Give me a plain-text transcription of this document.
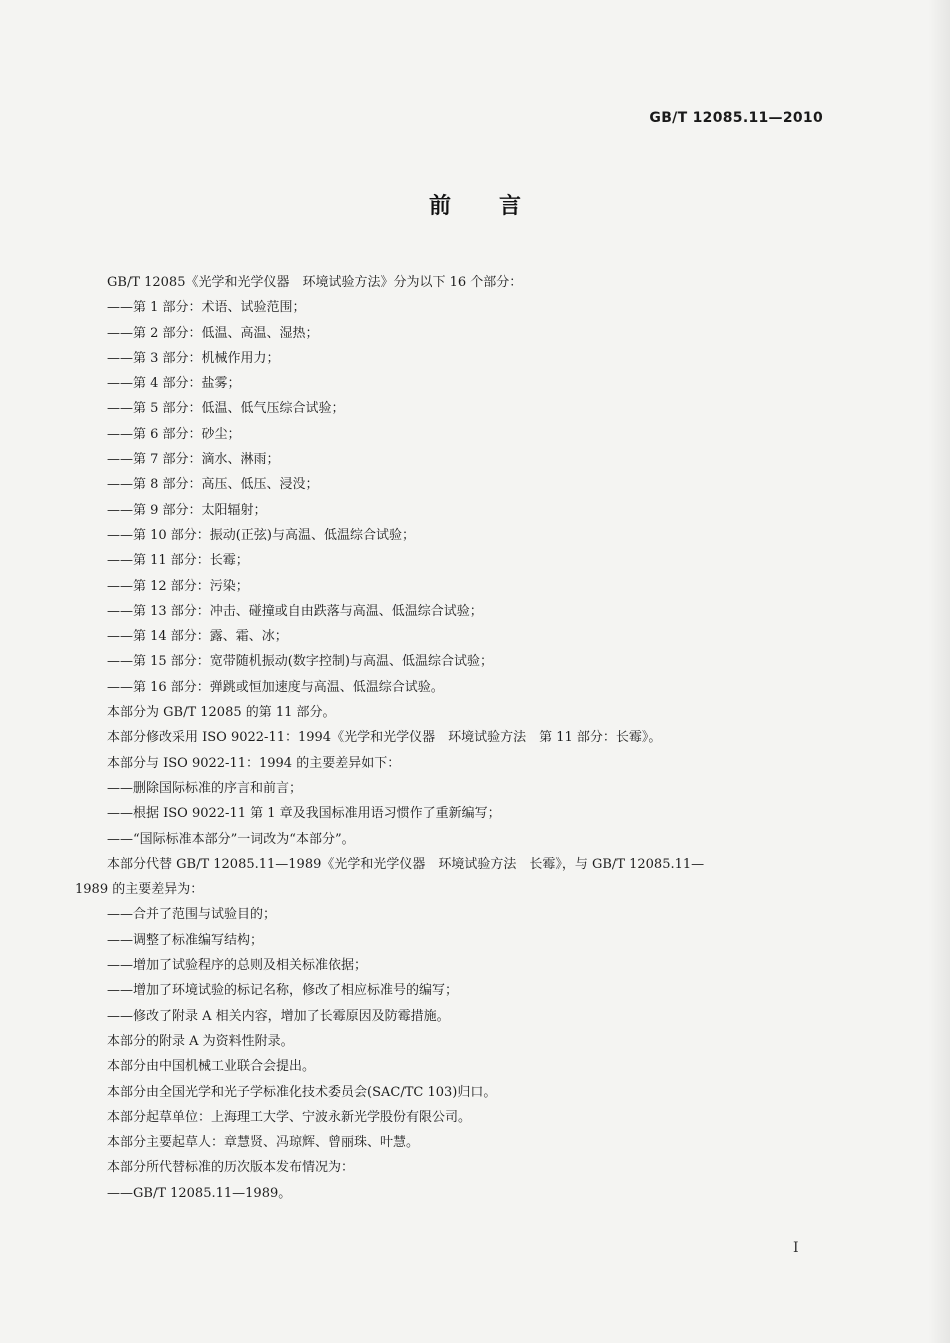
GB/T 12085.11—2010
前言
GB/T 12085《光学和光学仪器　环境试验方法》分为以下 16 个部分：
——第 1 部分：术语、试验范围；
——第 2 部分：低温、高温、湿热；
——第 3 部分：机械作用力；
——第 4 部分：盐雾；
——第 5 部分：低温、低气压综合试验；
——第 6 部分：砂尘；
——第 7 部分：滴水、淋雨；
——第 8 部分：高压、低压、浸没；
——第 9 部分：太阳辐射；
——第 10 部分：振动(正弦)与高温、低温综合试验；
——第 11 部分：长霉；
——第 12 部分：污染；
——第 13 部分：冲击、碰撞或自由跌落与高温、低温综合试验；
——第 14 部分：露、霜、冰；
——第 15 部分：宽带随机振动(数字控制)与高温、低温综合试验；
——第 16 部分：弹跳或恒加速度与高温、低温综合试验。
本部分为 GB/T 12085 的第 11 部分。
本部分修改采用 ISO 9022-11：1994《光学和光学仪器　环境试验方法　第 11 部分：长霉》。
本部分与 ISO 9022-11：1994 的主要差异如下：
——删除国际标准的序言和前言；
——根据 ISO 9022-11 第 1 章及我国标准用语习惯作了重新编写；
——“国际标准本部分”一词改为“本部分”。
本部分代替 GB/T 12085.11—1989《光学和光学仪器　环境试验方法　长霉》，与 GB/T 12085.11—
1989 的主要差异为：
——合并了范围与试验目的；
——调整了标准编写结构；
——增加了试验程序的总则及相关标准依据；
——增加了环境试验的标记名称，修改了相应标准号的编写；
——修改了附录 A 相关内容，增加了长霉原因及防霉措施。
本部分的附录 A 为资料性附录。
本部分由中国机械工业联合会提出。
本部分由全国光学和光子学标准化技术委员会(SAC/TC 103)归口。
本部分起草单位：上海理工大学、宁波永新光学股份有限公司。
本部分主要起草人：章慧贤、冯琼辉、曾丽珠、叶慧。
本部分所代替标准的历次版本发布情况为：
——GB/T 12085.11—1989。
I
